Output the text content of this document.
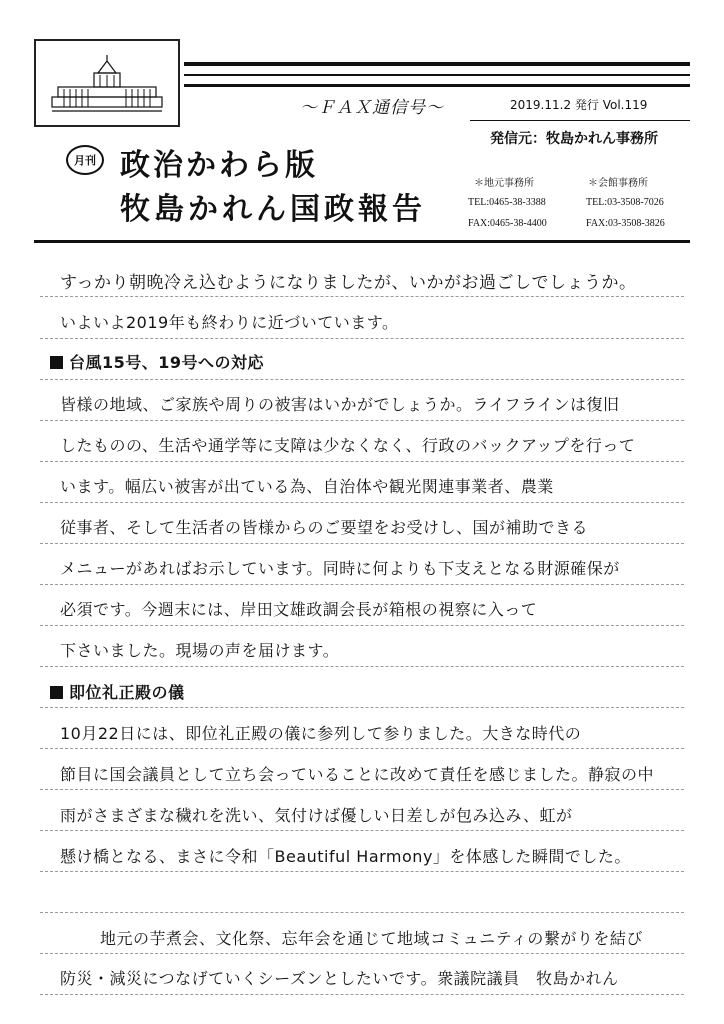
～ＦＡＸ通信号～	2019.11.2 発行 Vol.119
発信元：牧島かれん事務所
月刊 政治かわら版
牧島かれん国政報告
＊地元事務所
TEL:0465-38-3388
FAX:0465-38-4400
＊会館事務所
TEL:03-3508-7026
FAX:03-3508-3826
すっかり朝晩冷え込むようになりましたが、いかがお過ごしでしょうか。
いよいよ2019年も終わりに近づいています。
台風15号、19号への対応
皆様の地域、ご家族や周りの被害はいかがでしょうか。ライフラインは復旧
したものの、生活や通学等に支障は少なくなく、行政のバックアップを行って
います。幅広い被害が出ている為、自治体や観光関連事業者、農業
従事者、そして生活者の皆様からのご要望をお受けし、国が補助できる
メニューがあればお示しています。同時に何よりも下支えとなる財源確保が
必須です。今週末には、岸田文雄政調会長が箱根の視察に入って
下さいました。現場の声を届けます。
即位礼正殿の儀
10月22日には、即位礼正殿の儀に参列して参りました。大きな時代の
節目に国会議員として立ち会っていることに改めて責任を感じました。静寂の中
雨がさまざまな穢れを洗い、気付けば優しい日差しが包み込み、虹が
懸け橋となる、まさに令和「Beautiful Harmony」を体感した瞬間でした。
地元の芋煮会、文化祭、忘年会を通じて地域コミュニティの繋がりを結び
防災・減災につなげていくシーズンとしたいです。衆議院議員　牧島かれん
